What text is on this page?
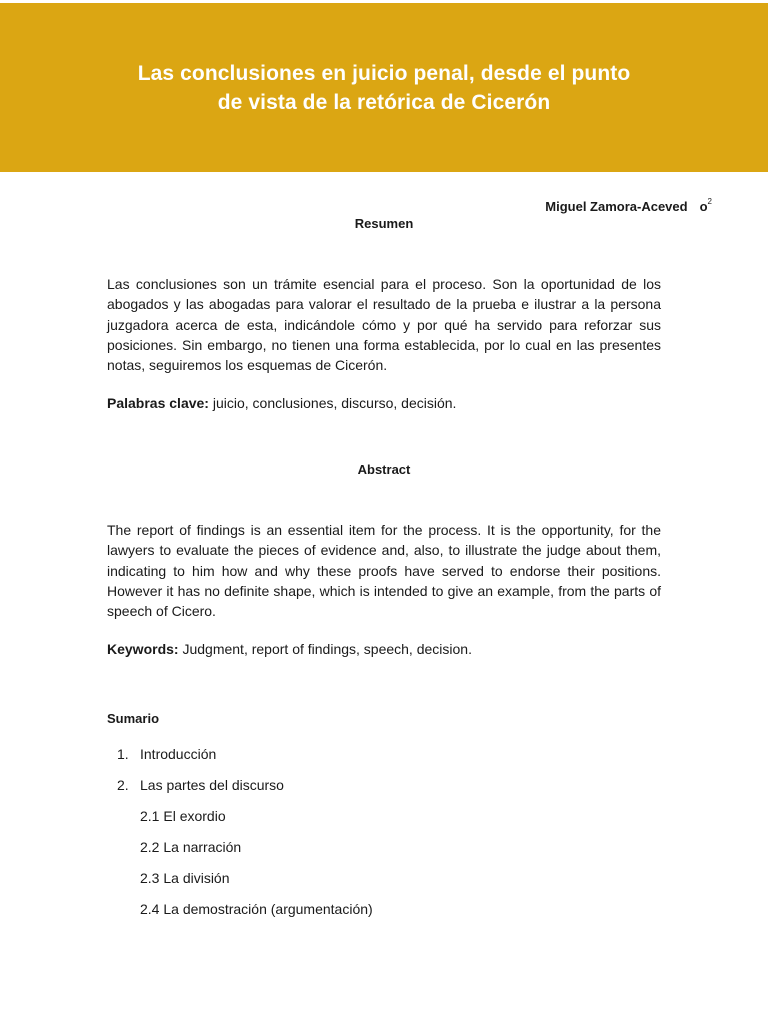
Las conclusiones en juicio penal, desde el punto de vista de la retórica de Cicerón
Miguel Zamora-Aceved $o^2$
Resumen

Las conclusiones son un trámite esencial para el proceso. Son la oportunidad de los abogados y las abogadas para valorar el resultado de la prueba e ilustrar a la persona juzgadora acerca de esta, indicándole cómo y por qué ha servido para reforzar sus posiciones. Sin embargo, no tienen una forma establecida, por lo cual en las presentes notas, seguiremos los esquemas de Cicerón.

Palabras clave: juicio, conclusiones, discurso, decisión.

Abstract

The report of findings is an essential item for the process. It is the opportunity, for the lawyers to evaluate the pieces of evidence and, also, to illustrate the judge about them, indicating to him how and why these proofs have served to endorse their positions. However it has no definite shape, which is intended to give an example, from the parts of speech of Cicero.

Keywords: Judgment, report of findings, speech, decision.

Sumario
1. Introducción
2. Las partes del discurso
2.1 El exordio
2.2 La narración
2.3 La división
2.4 La demostración (argumentación)
